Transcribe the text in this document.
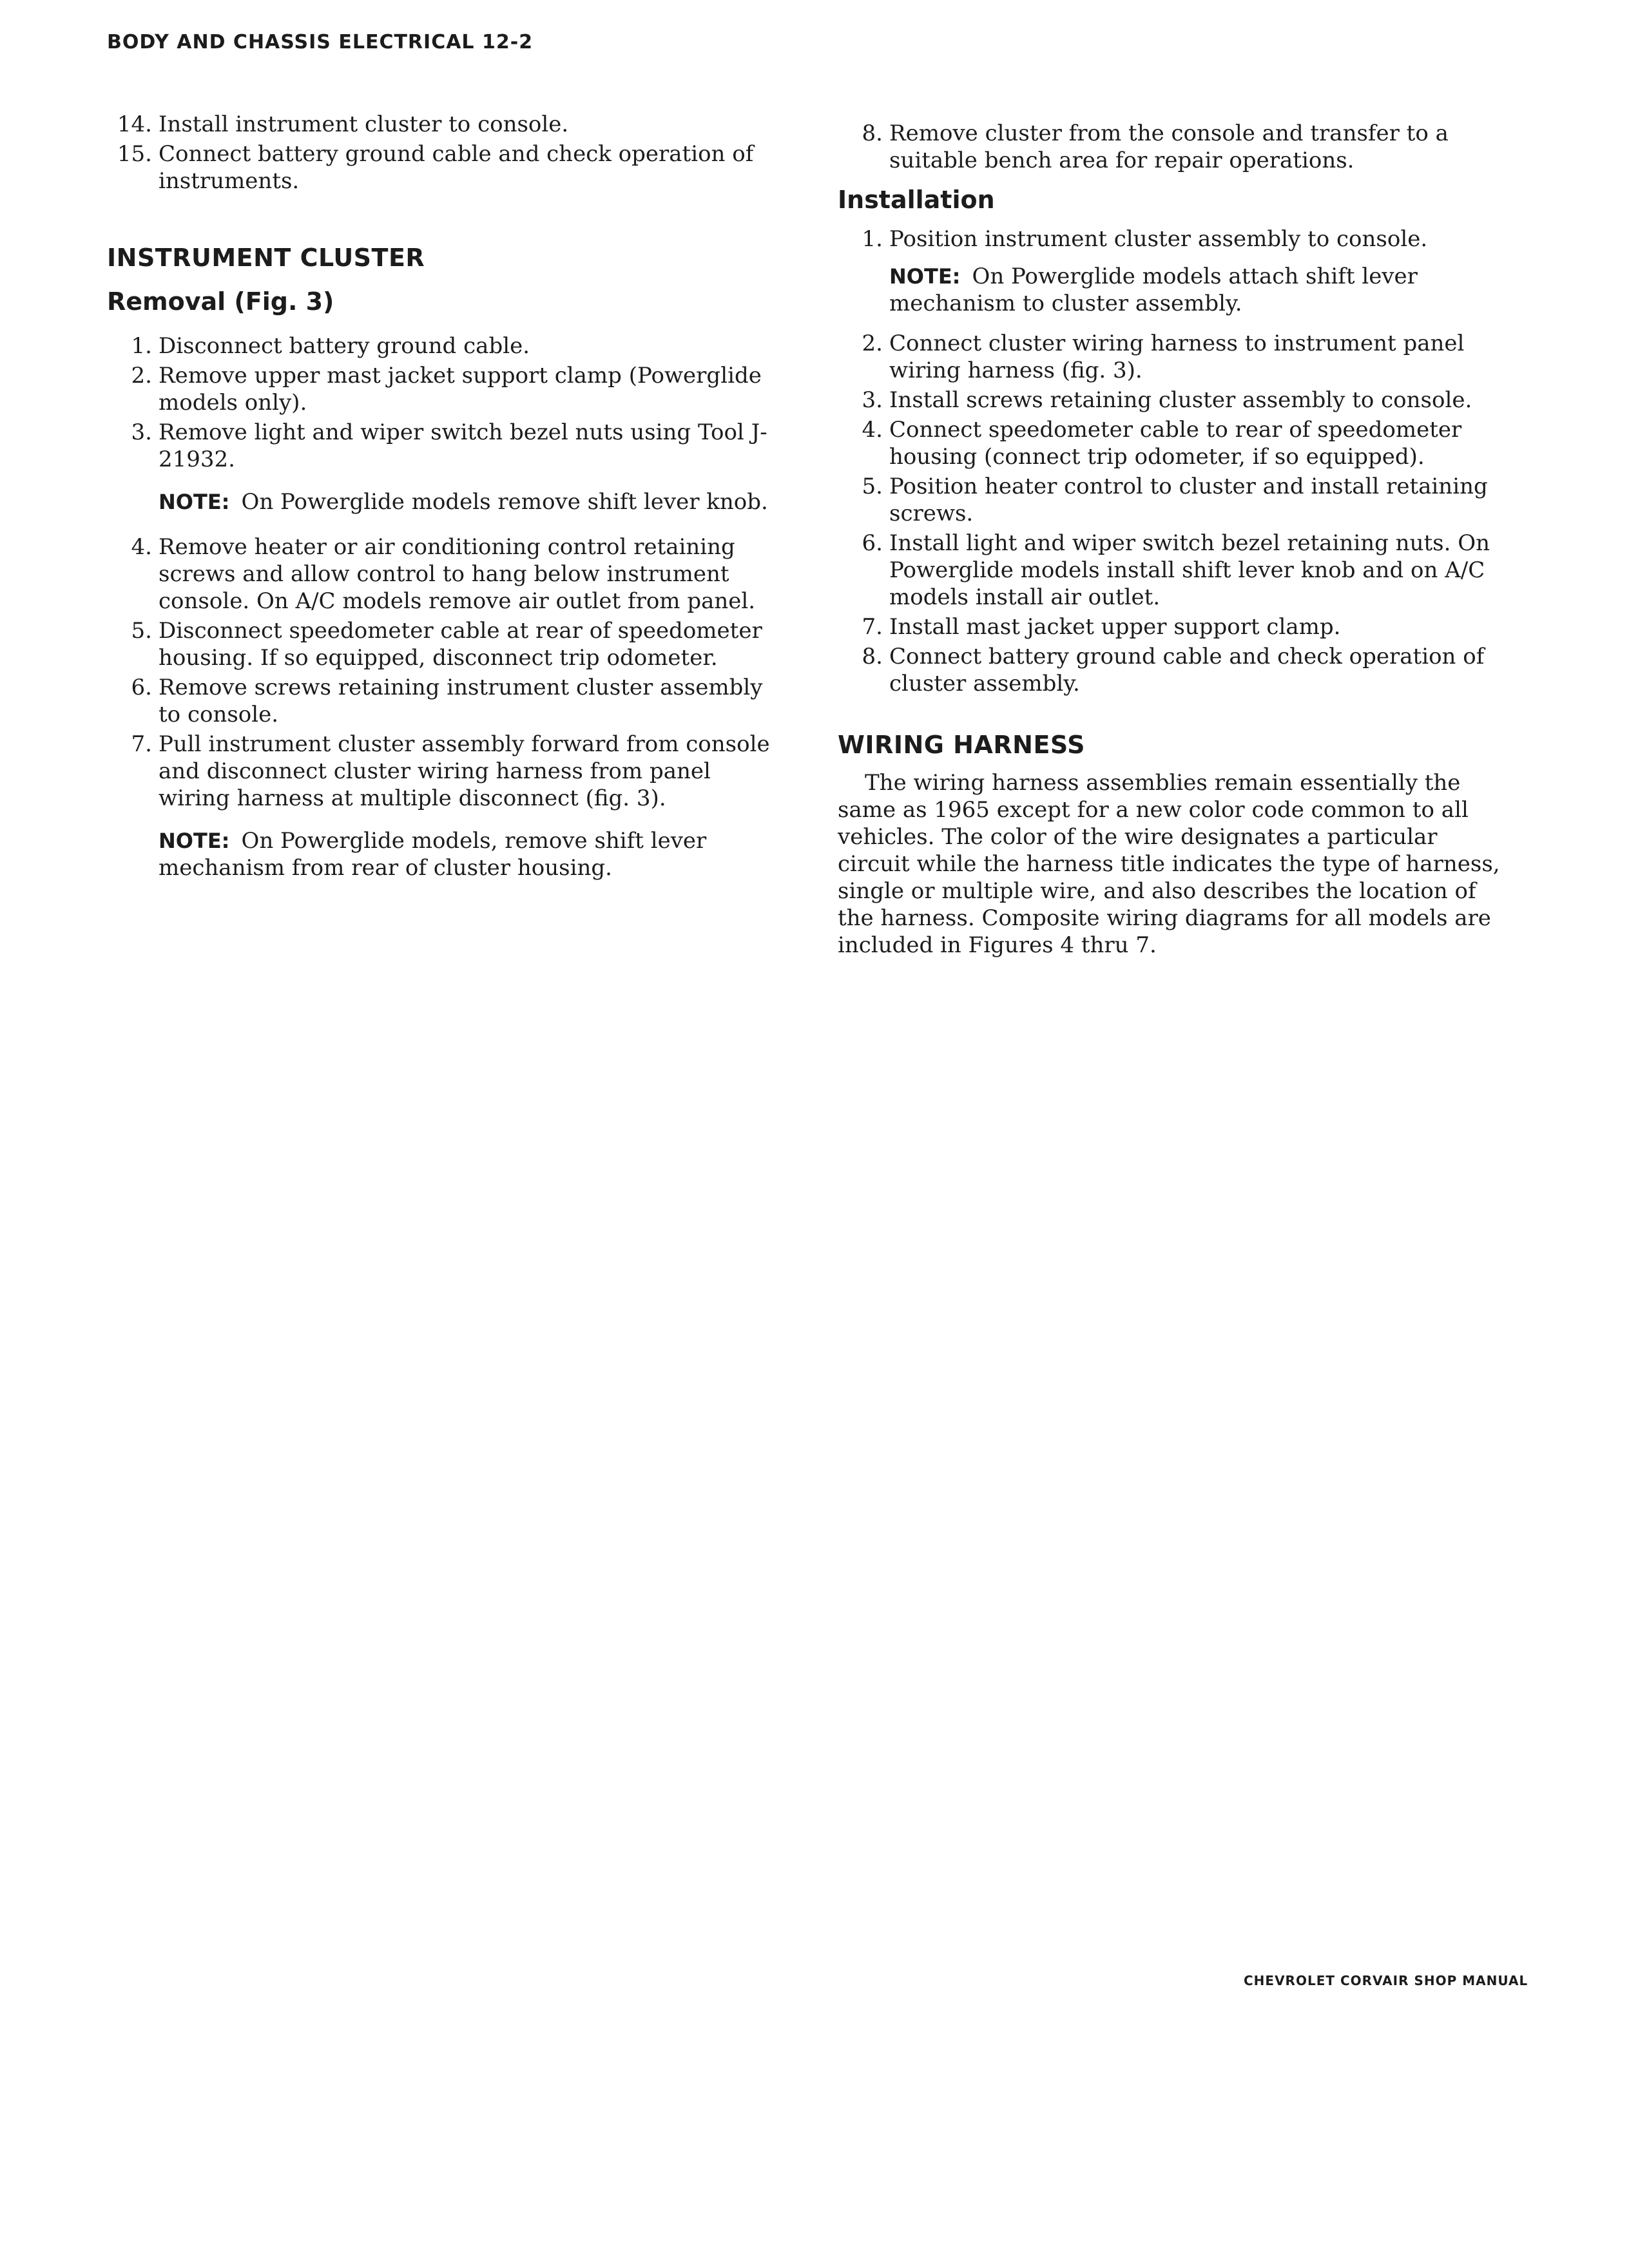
BODY AND CHASSIS ELECTRICAL 12-2
14. Install instrument cluster to console.
15. Connect battery ground cable and check operation of instruments.
INSTRUMENT CLUSTER
Removal (Fig. 3)
1. Disconnect battery ground cable.
2. Remove upper mast jacket support clamp (Powerglide models only).
3. Remove light and wiper switch bezel nuts using Tool J-21932.
NOTE: On Powerglide models remove shift lever knob.
4. Remove heater or air conditioning control retaining screws and allow control to hang below instrument console. On A/C models remove air outlet from panel.
5. Disconnect speedometer cable at rear of speedometer housing. If so equipped, disconnect trip odometer.
6. Remove screws retaining instrument cluster assembly to console.
7. Pull instrument cluster assembly forward from console and disconnect cluster wiring harness from panel wiring harness at multiple disconnect (fig. 3).
NOTE: On Powerglide models, remove shift lever mechanism from rear of cluster housing.
8. Remove cluster from the console and transfer to a suitable bench area for repair operations.
Installation
1. Position instrument cluster assembly to console.
NOTE: On Powerglide models attach shift lever mechanism to cluster assembly.
2. Connect cluster wiring harness to instrument panel wiring harness (fig. 3).
3. Install screws retaining cluster assembly to console.
4. Connect speedometer cable to rear of speedometer housing (connect trip odometer, if so equipped).
5. Position heater control to cluster and install retaining screws.
6. Install light and wiper switch bezel retaining nuts. On Powerglide models install shift lever knob and on A/C models install air outlet.
7. Install mast jacket upper support clamp.
8. Connect battery ground cable and check operation of cluster assembly.
WIRING HARNESS

The wiring harness assemblies remain essentially the same as 1965 except for a new color code common to all vehicles. The color of the wire designates a particular circuit while the harness title indicates the type of harness, single or multiple wire, and also describes the location of the harness. Composite wiring diagrams for all models are included in Figures 4 thru 7.

CHEVROLET CORVAIR SHOP MANUAL
